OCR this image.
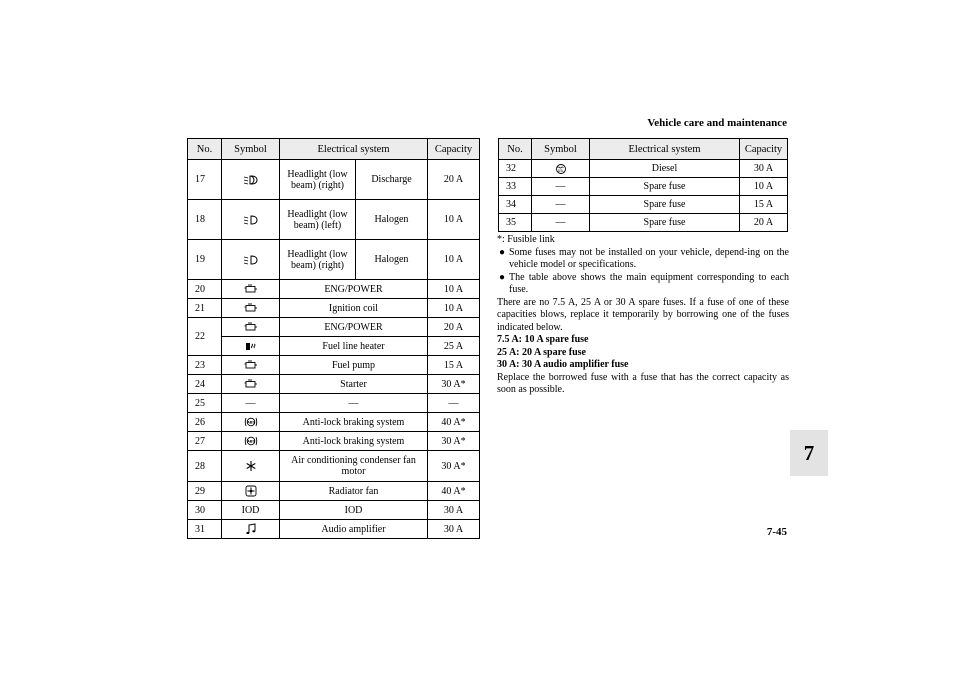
Vehicle care and maintenance
No.	Symbol	Electrical system		Capacity
17		Headlight (low beam) (right)	Discharge	20 A
18		Headlight (low beam) (left)	Halogen	10 A
19		Headlight (low beam) (right)	Halogen	10 A
20		ENG/POWER		10 A
21		Ignition coil		10 A
22		ENG/POWER		20 A

	Fuel line heater		25 A
23		Fuel pump		15 A
24		Starter		30 A*
25	—	—		—
26	ABS	Anti-lock braking system		40 A*
27	ABS	Anti-lock braking system		30 A*
28		Air conditioning condenser fan motor		30 A*
29		Radiator fan		40 A*
30	IOD	IOD		30 A
31		Audio amplifier		30 A
No.	Symbol	Electrical system	Capacity
32	DSL	Diesel	30 A
33	—	Spare fuse	10 A
34	—	Spare fuse	15 A
35	—	Spare fuse	20 A

*: Fusible link

● Some fuses may not be installed on your vehicle, depend-ing on the vehicle model or specifications.

● The table above shows the main equipment corresponding to each fuse.

There are no 7.5 A, 25 A or 30 A spare fuses. If a fuse of one of these capacities blows, replace it temporarily by borrowing one of the fuses indicated below.

7.5 A: 10 A spare fuse

25 A: 20 A spare fuse

30 A: 30 A audio amplifier fuse

Replace the borrowed fuse with a fuse that has the correct capacity as soon as possible.

7
7-45
